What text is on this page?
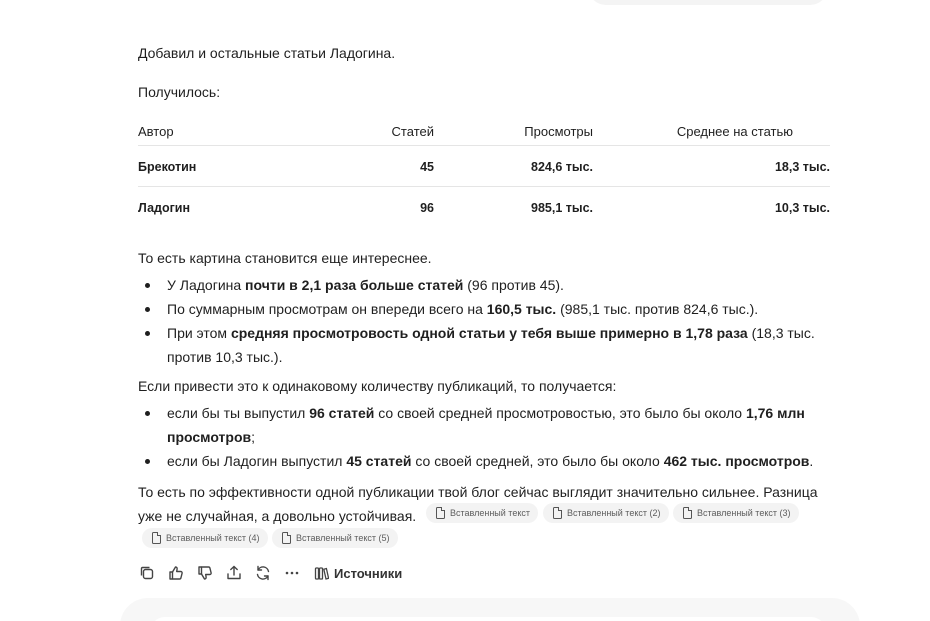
Добавил и остальные статьи Ладогина.
Получилось:
Автор	Статей	Просмотры	Среднее на статью
Брекотин	45	824,6 тыс.	18,3 тыс.
Ладогин	96	985,1 тыс.	10,3 тыс.
То есть картина становится еще интереснее.
У Ладогина почти в 2,1 раза больше статей (96 против 45).
По суммарным просмотрам он впереди всего на 160,5 тыс. (985,1 тыс. против 824,6 тыс.).
При этом средняя просмотровость одной статьи у тебя выше примерно в 1,78 раза (18,3 тыс.
против 10,3 тыс.).
Если привести это к одинаковому количеству публикаций, то получается:
если бы ты выпустил 96 статей со своей средней просмотровостью, это было бы около 1,76 млн
просмотров;
если бы Ладогин выпустил 45 статей со своей средней, это было бы около 462 тыс. просмотров.
То есть по эффективности одной публикации твой блог сейчас выглядит значительно сильнее. Разница
уже не случайная, а довольно устойчивая.	Вставленный текст	Вставленный текст (2)	Вставленный текст (3)
Вставленный текст (4)	Вставленный текст (5)
Источники
